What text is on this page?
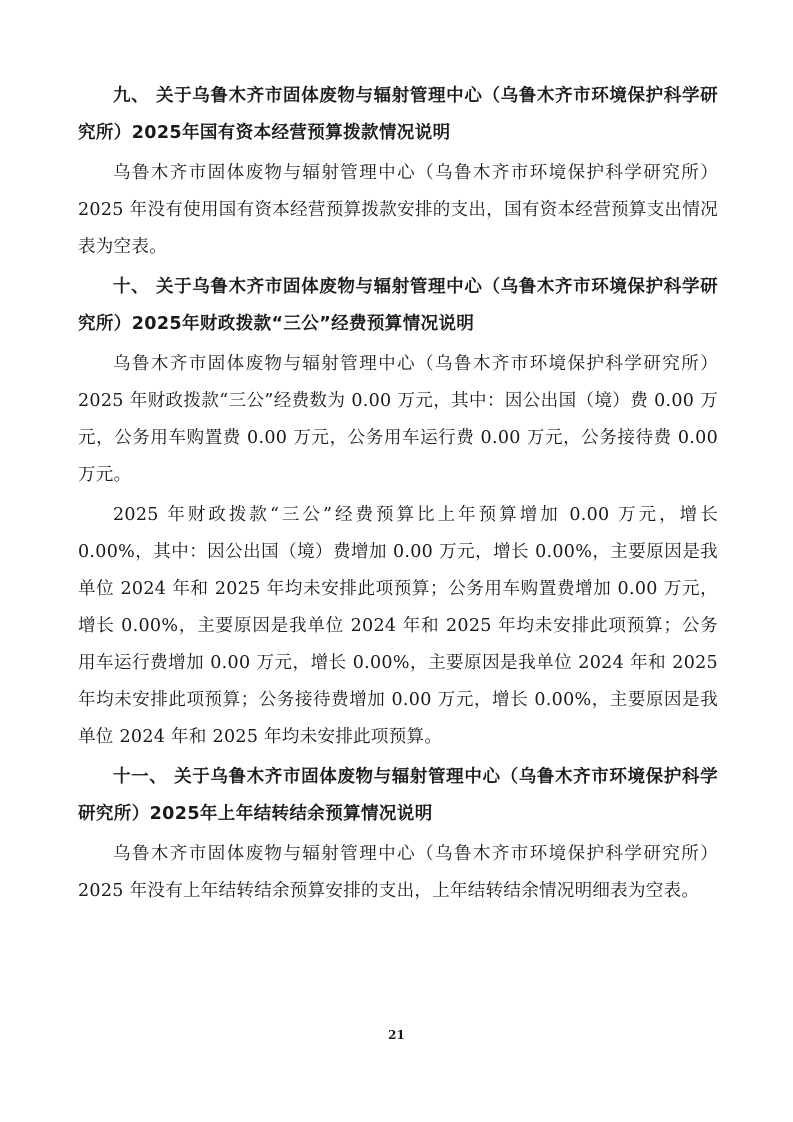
九、 关于乌鲁木齐市固体废物与辐射管理中心（乌鲁木齐市环境保护科学研究所）2025年国有资本经营预算拨款情况说明

乌鲁木齐市固体废物与辐射管理中心（乌鲁木齐市环境保护科学研究所）2025 年没有使用国有资本经营预算拨款安排的支出，国有资本经营预算支出情况表为空表。

十、 关于乌鲁木齐市固体废物与辐射管理中心（乌鲁木齐市环境保护科学研究所）2025年财政拨款“三公”经费预算情况说明

乌鲁木齐市固体废物与辐射管理中心（乌鲁木齐市环境保护科学研究所）2025 年财政拨款“三公”经费数为 0.00 万元，其中：因公出国（境）费 0.00 万元，公务用车购置费 0.00 万元，公务用车运行费 0.00 万元，公务接待费 0.00 万元。

2025 年财政拨款“三公”经费预算比上年预算增加 0.00 万元，增长 0.00%，其中：因公出国（境）费增加 0.00 万元，增长 0.00%，主要原因是我单位 2024 年和 2025 年均未安排此项预算；公务用车购置费增加 0.00 万元，增长 0.00%，主要原因是我单位 2024 年和 2025 年均未安排此项预算；公务用车运行费增加 0.00 万元，增长 0.00%，主要原因是我单位 2024 年和 2025 年均未安排此项预算；公务接待费增加 0.00 万元，增长 0.00%，主要原因是我单位 2024 年和 2025 年均未安排此项预算。

十一、 关于乌鲁木齐市固体废物与辐射管理中心（乌鲁木齐市环境保护科学研究所）2025年上年结转结余预算情况说明

乌鲁木齐市固体废物与辐射管理中心（乌鲁木齐市环境保护科学研究所）2025 年没有上年结转结余预算安排的支出，上年结转结余情况明细表为空表。

21
